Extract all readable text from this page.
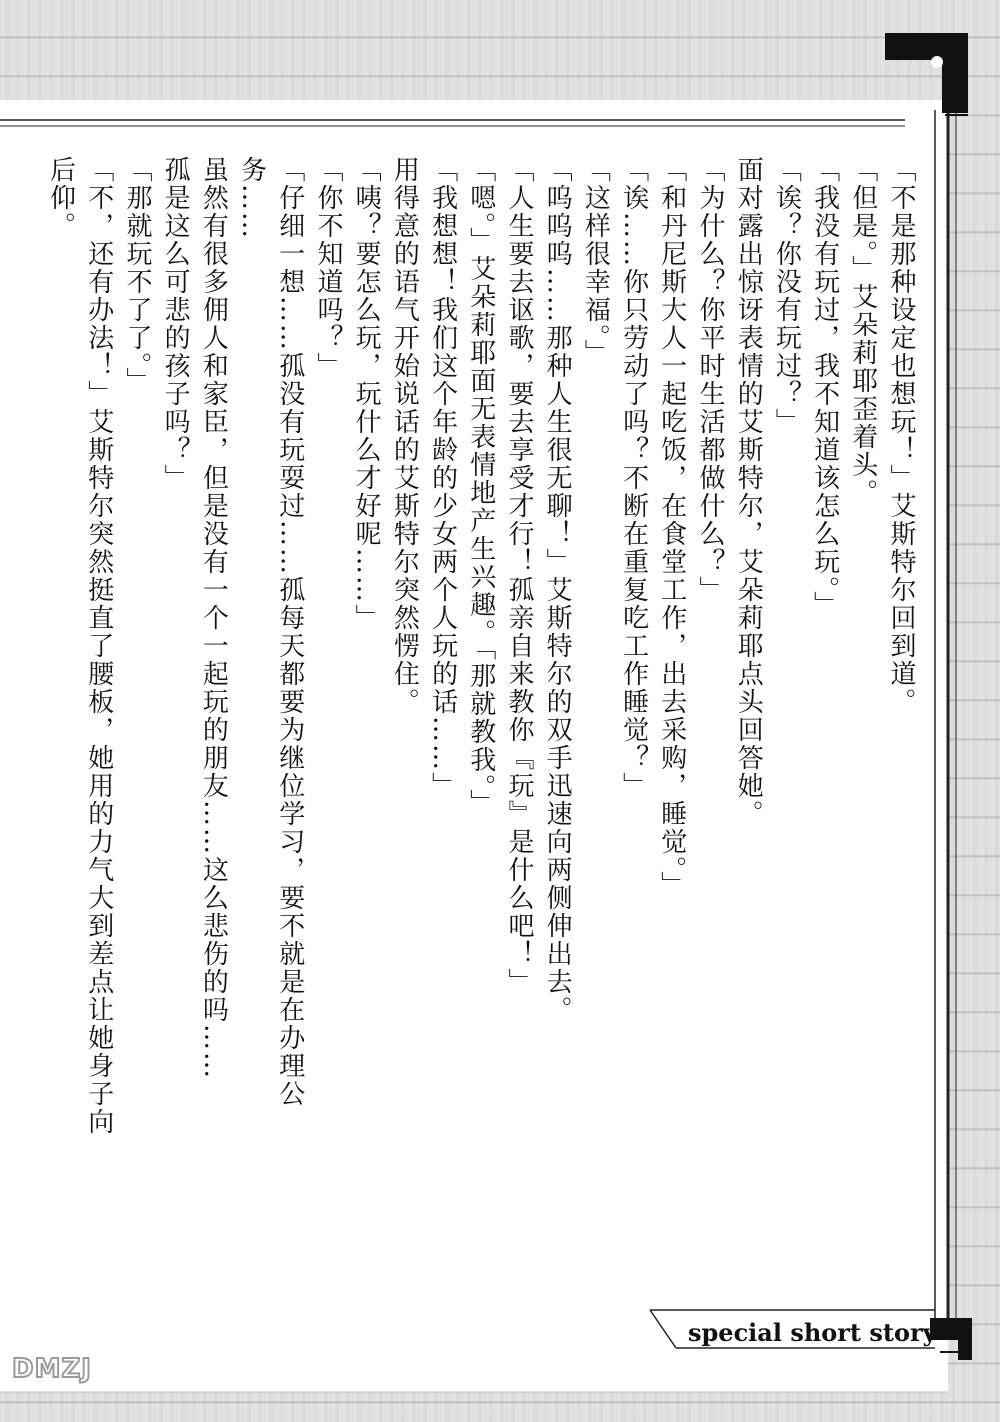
「不是那种设定也想玩！」艾斯特尔回到道。

「但是。」艾朵莉耶歪着头。

「我没有玩过，我不知道该怎么玩。」

「诶？你没有玩过？」

面对露出惊讶表情的艾斯特尔，艾朵莉耶点头回答她。

「为什么？你平时生活都做什么？」

「和丹尼斯大人一起吃饭，在食堂工作，出去采购，睡觉。」

「诶……你只劳动了吗？不断在重复吃工作睡觉？」

「这样很幸福。」

「呜呜呜……那种人生很无聊！」艾斯特尔的双手迅速向两侧伸出去。

「人生要去讴歌，要去享受才行！孤亲自来教你『玩』是什么吧！」

「嗯。」艾朵莉耶面无表情地产生兴趣。「那就教我。」

「我想想！我们这个年龄的少女两个人玩的话……」

用得意的语气开始说话的艾斯特尔突然愣住。

「咦？要怎么玩，玩什么才好呢……」

「你不知道吗？」

「仔细一想……孤没有玩耍过……孤每天都要为继位学习，要不就是在办理公务……

虽然有很多佣人和家臣，但是没有一个一起玩的朋友……这么悲伤的吗……

孤是这么可悲的孩子吗？」

「那就玩不了了。」

「不，还有办法！」艾斯特尔突然挺直了腰板，她用的力气大到差点让她身子向后仰。

special short story
DMZJ
